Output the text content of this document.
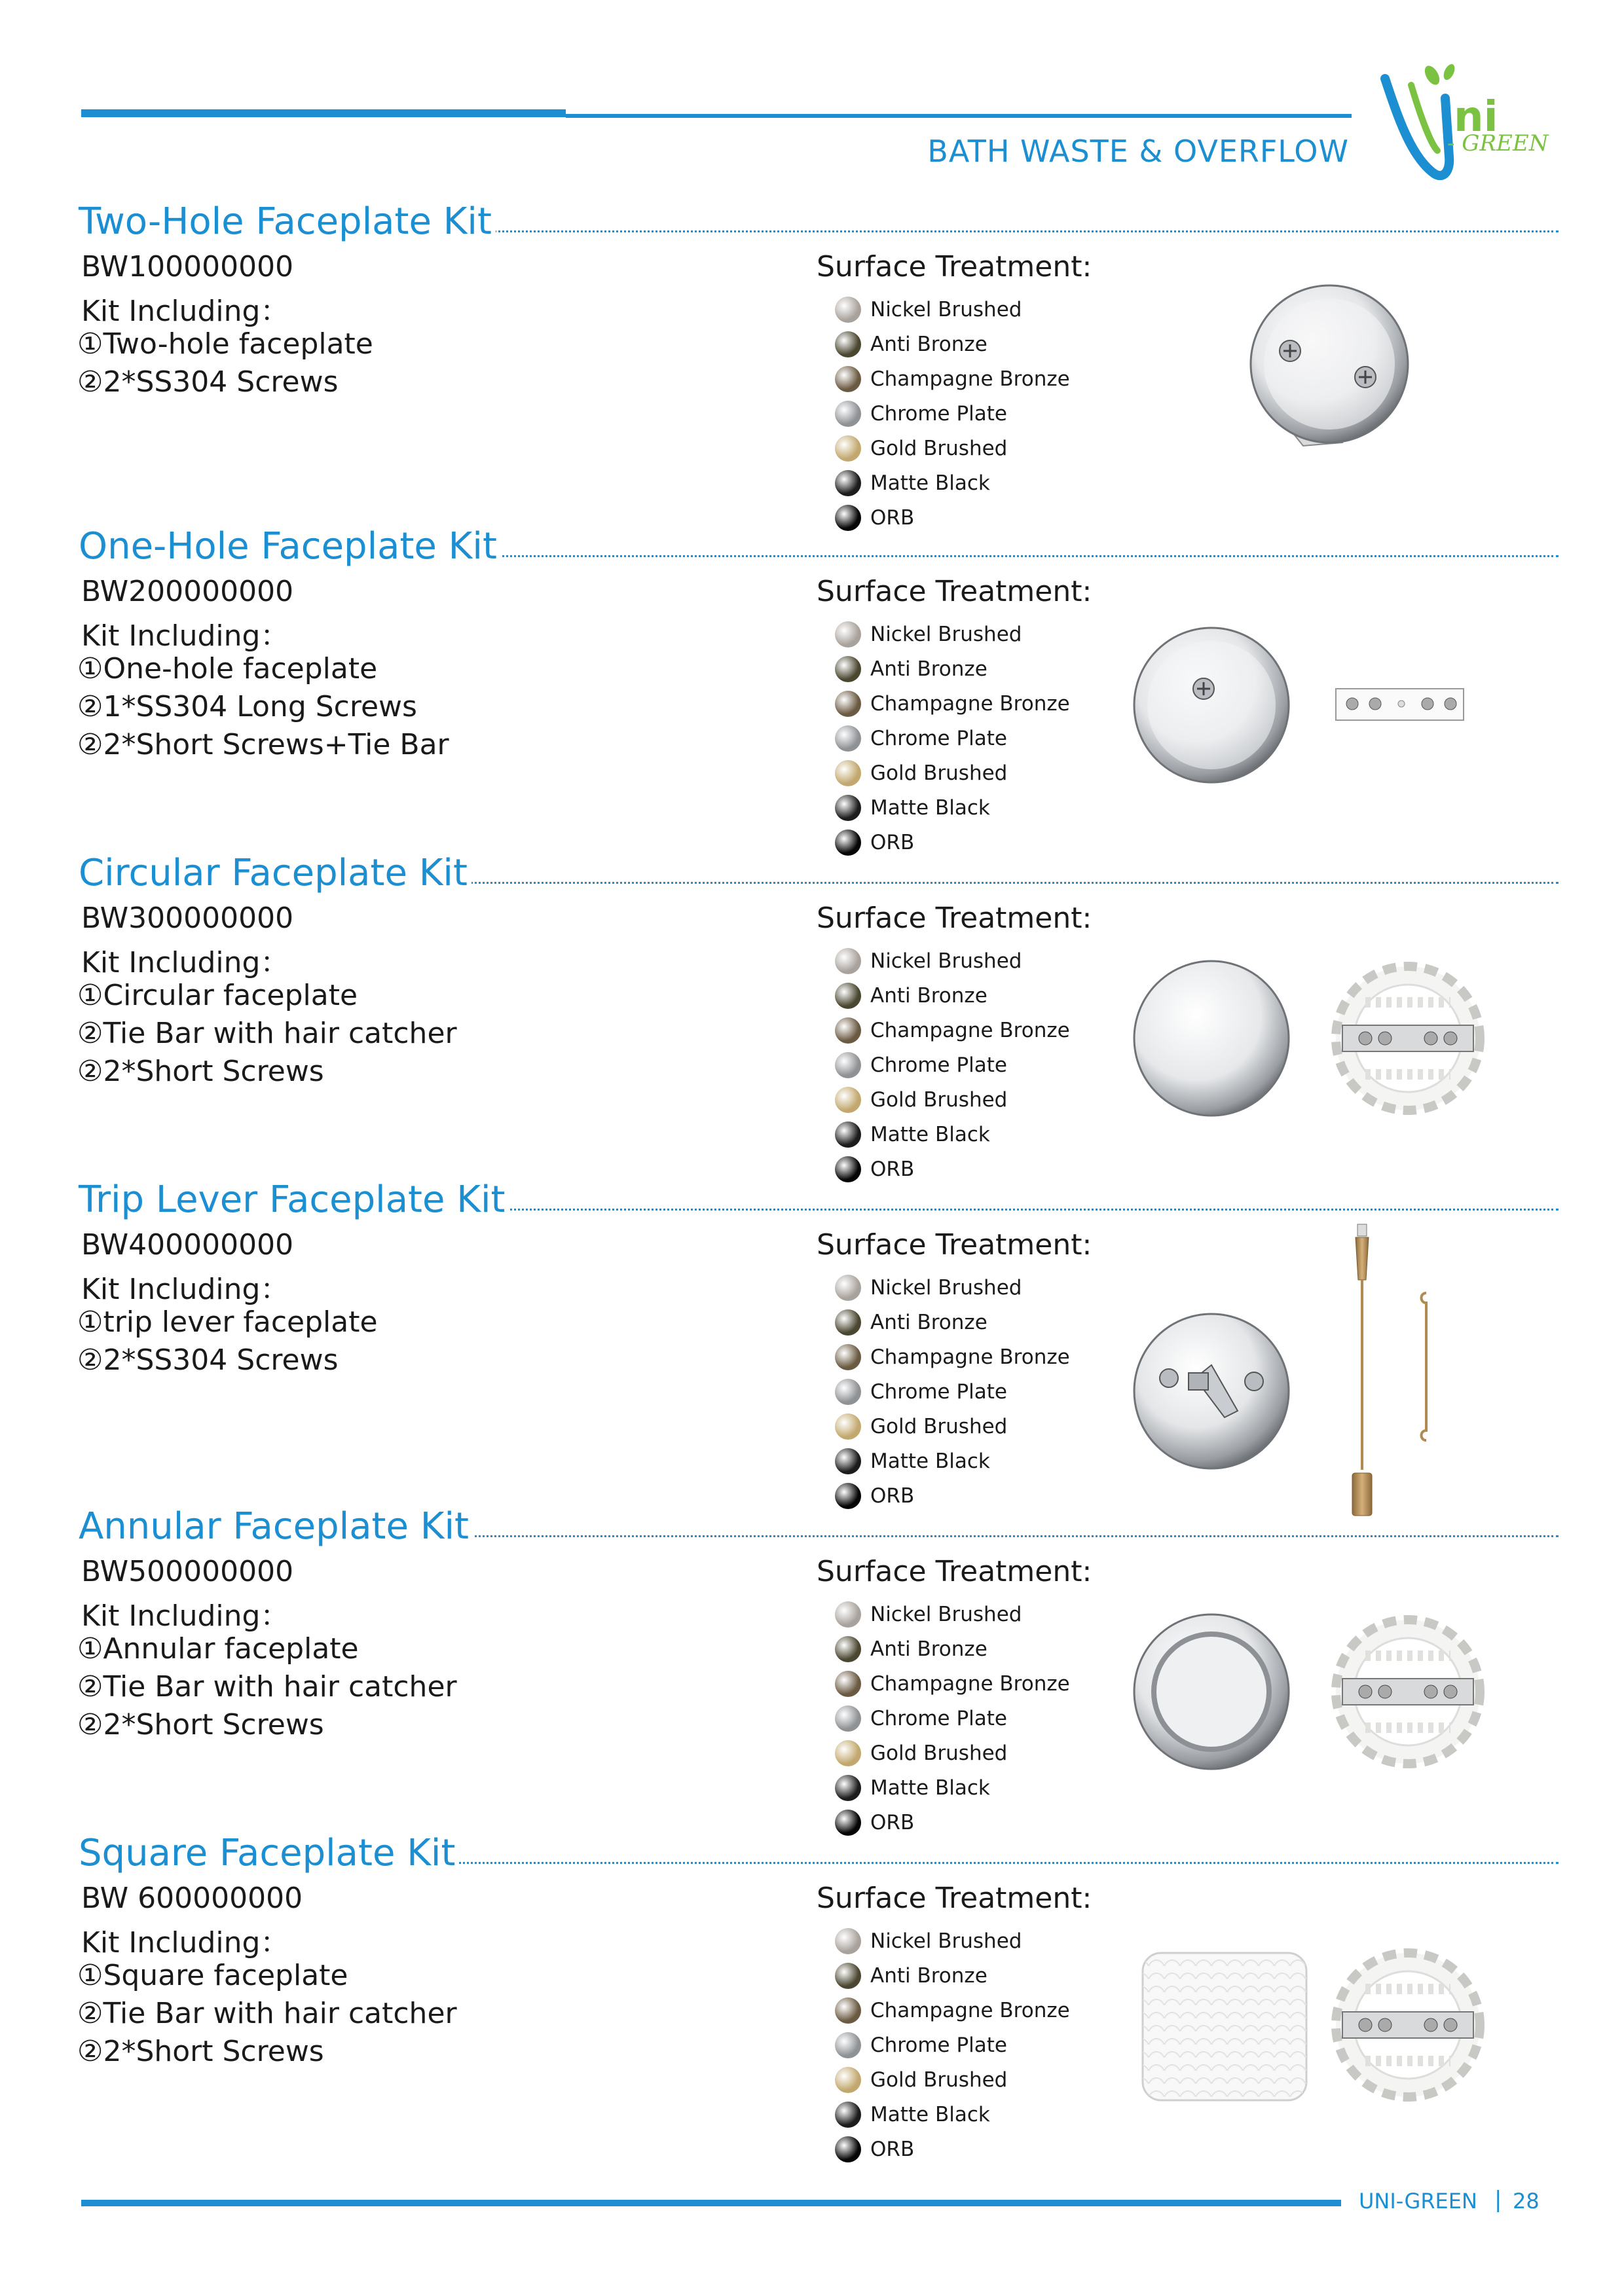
BATH WASTE & OVERFLOW
ni
- GREEN
Two-Hole Faceplate Kit
BW100000000
Kit Including：
①Two-hole faceplate
②2*SS304 Screws
Surface Treatment:
Nickel Brushed
Anti Bronze
Champagne Bronze
Chrome Plate
Gold Brushed
Matte Black
ORB
One-Hole Faceplate Kit
BW200000000
Kit Including：
①One-hole faceplate
②1*SS304 Long Screws
②2*Short Screws+Tie Bar
Surface Treatment:
Nickel Brushed
Anti Bronze
Champagne Bronze
Chrome Plate
Gold Brushed
Matte Black
ORB
Circular Faceplate Kit
BW300000000
Kit Including：
①Circular faceplate
②Tie Bar with hair catcher
②2*Short Screws
Surface Treatment:
Nickel Brushed
Anti Bronze
Champagne Bronze
Chrome Plate
Gold Brushed
Matte Black
ORB
Trip Lever Faceplate Kit
BW400000000
Kit Including：
①trip lever faceplate
②2*SS304 Screws
Surface Treatment:
Nickel Brushed
Anti Bronze
Champagne Bronze
Chrome Plate
Gold Brushed
Matte Black
ORB
Annular Faceplate Kit
BW500000000
Kit Including：
①Annular faceplate
②Tie Bar with hair catcher
②2*Short Screws
Surface Treatment:
Nickel Brushed
Anti Bronze
Champagne Bronze
Chrome Plate
Gold Brushed
Matte Black
ORB
Square Faceplate Kit
BW 600000000
Kit Including：
①Square faceplate
②Tie Bar with hair catcher
②2*Short Screws
Surface Treatment:
Nickel Brushed
Anti Bronze
Champagne Bronze
Chrome Plate
Gold Brushed
Matte Black
ORB
UNI-GREEN | 28
